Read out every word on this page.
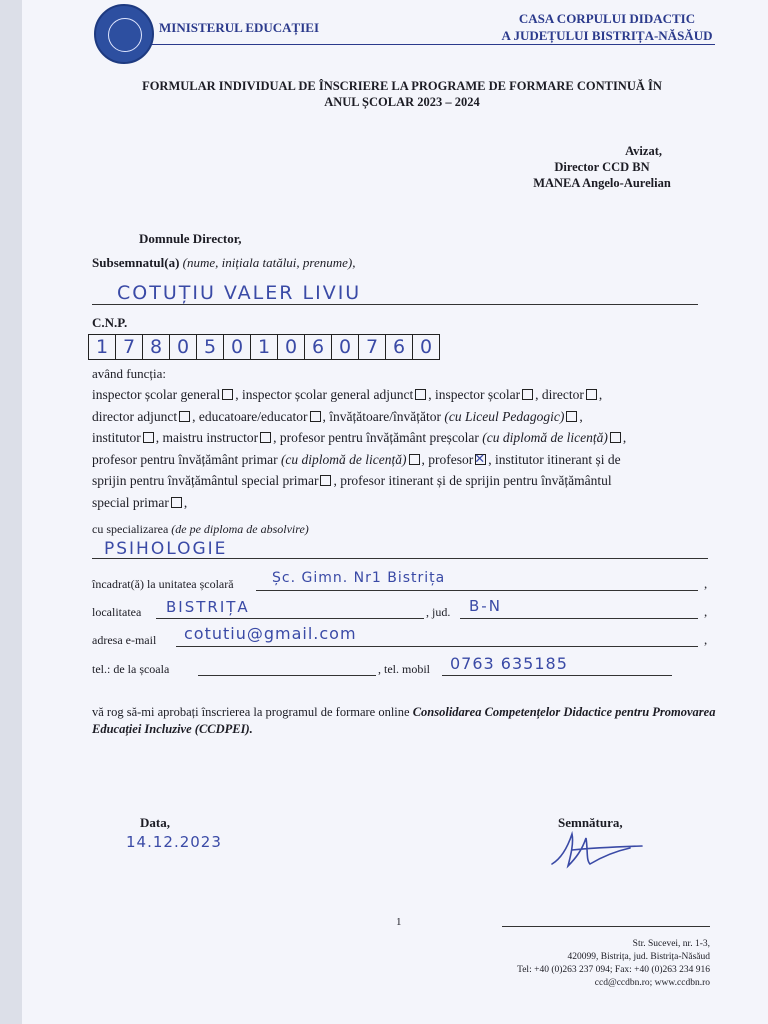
MINISTERUL EDUCAȚIEI
CASA CORPULUI DIDACTIC
A JUDEȚULUI BISTRIȚA-NĂSĂUD
FORMULAR INDIVIDUAL DE ÎNSCRIERE LA PROGRAME DE FORMARE CONTINUĂ ÎN
ANUL ȘCOLAR 2023 – 2024
Avizat,
Director CCD BN
MANEA Angelo-Aurelian
Domnule Director,
Subsemnatul(a) (nume, inițiala tatălui, prenume),
COTUȚIU VALER LIVIU
C.N.P.
1 7 8 0 5 0 1 0 6 0 7 6 0
având funcția:

inspector școlar general , inspector școlar general adjunct , inspector școlar , director ,

director adjunct , educatoare/educator , învățătoare/învățător (cu Liceul Pedagogic) ,

institutor , maistru instructor , profesor pentru învățământ preșcolar (cu diplomă de licență) ,

profesor pentru învățământ primar (cu diplomă de licență) , profesor✕ , institutor itinerant și de

sprijin pentru învățământul special primar , profesor itinerant și de sprijin pentru învățământul

special primar ,

cu specializarea (de pe diploma de absolvire)
PSIHOLOGIE
încadrat(ă) la unitatea școlară	Șc. Gimn. Nr1 Bistrița	,
localitatea BISTRIȚA	, jud. B-N	,
adresa e-mail cotutiu@gmail.com	,
tel.: de la școala	, tel. mobil 0763 635185
vă rog să-mi aprobați înscrierea la programul de formare online Consolidarea Competențelor Didactice pentru Promovarea Educației Incluzive (CCDPEI).
Data,
14.12.2023
Semnătura,
1
Str. Sucevei, nr. 1-3,
420099, Bistrița, jud. Bistrița-Năsăud
Tel: +40 (0)263 237 094; Fax: +40 (0)263 234 916
ccd@ccdbn.ro; www.ccdbn.ro
